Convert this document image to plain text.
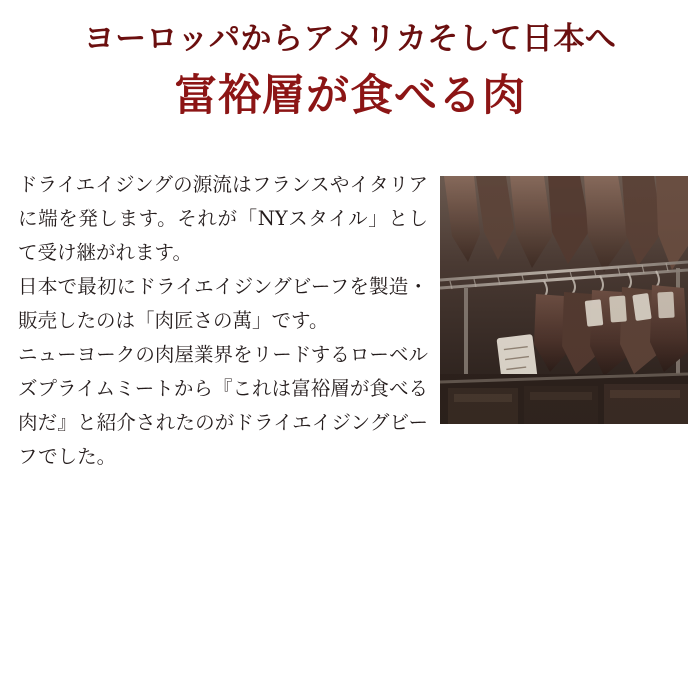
ヨーロッパからアメリカそして日本へ
富裕層が食べる肉

ドライエイジングの源流はフランスやイタリアに端を発します。それが「NYスタイル」として受け継がれます。

日本で最初にドライエイジングビーフを製造・販売したのは「肉匠さの萬」です。

ニューヨークの肉屋業界をリードするローベルズプライムミートから『これは富裕層が食べる肉だ』と紹介されたのがドライエイジングビーフでした。
